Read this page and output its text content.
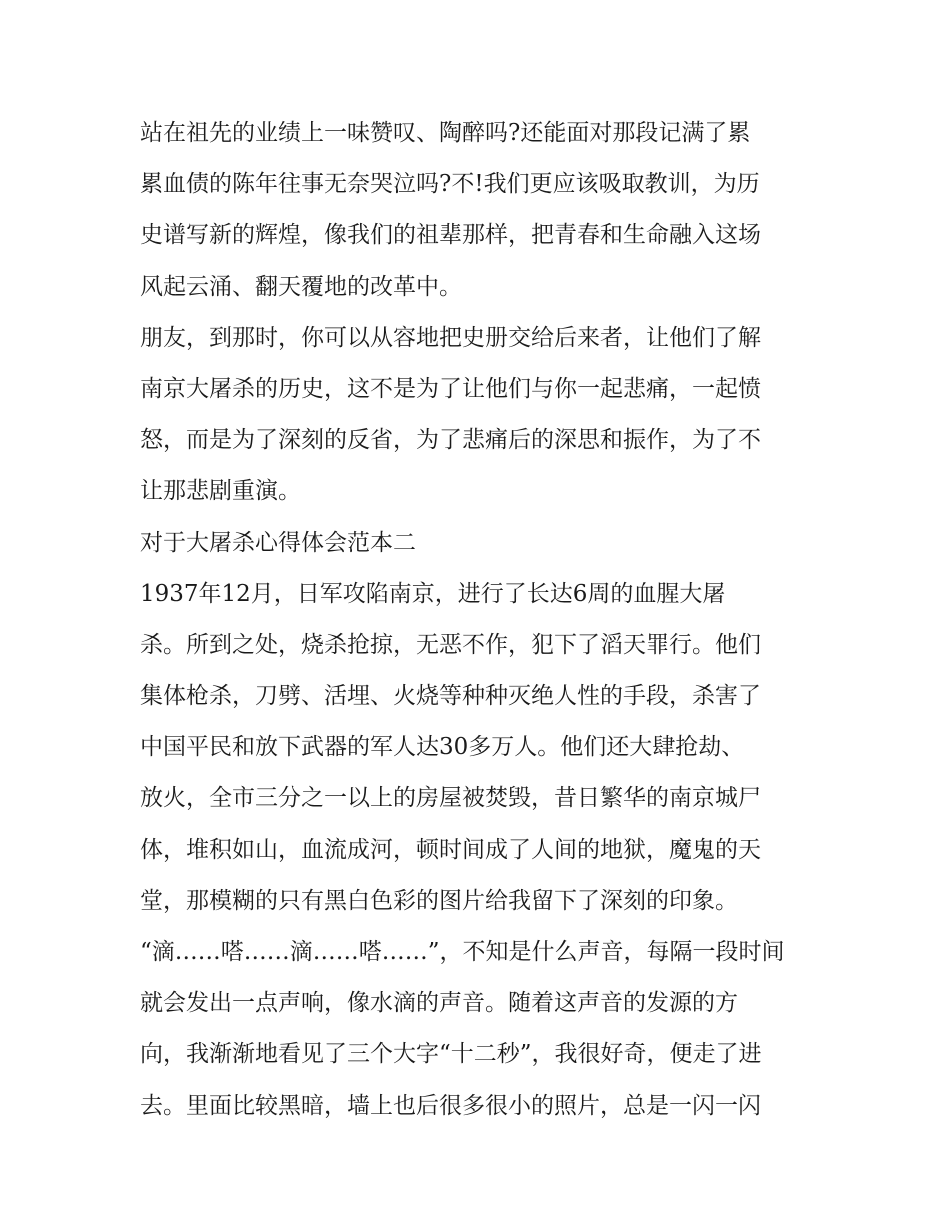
站在祖先的业绩上一味赞叹、陶醉吗?还能面对那段记满了累
累血债的陈年往事无奈哭泣吗?不!我们更应该吸取教训，为历
史谱写新的辉煌，像我们的祖辈那样，把青春和生命融入这场
风起云涌、翻天覆地的改革中。
朋友，到那时，你可以从容地把史册交给后来者，让他们了解
南京大屠杀的历史，这不是为了让他们与你一起悲痛，一起愤
怒，而是为了深刻的反省，为了悲痛后的深思和振作，为了不
让那悲剧重演。
对于大屠杀心得体会范本二
1937年12月，日军攻陷南京，进行了长达6周的血腥大屠
杀。所到之处，烧杀抢掠，无恶不作，犯下了滔天罪行。他们
集体枪杀，刀劈、活埋、火烧等种种灭绝人性的手段，杀害了
中国平民和放下武器的军人达30多万人。他们还大肆抢劫、
放火，全市三分之一以上的房屋被焚毁，昔日繁华的南京城尸
体，堆积如山，血流成河，顿时间成了人间的地狱，魔鬼的天
堂，那模糊的只有黑白色彩的图片给我留下了深刻的印象。
“滴……嗒……滴……嗒……”，不知是什么声音，每隔一段时间
就会发出一点声响，像水滴的声音。随着这声音的发源的方
向，我渐渐地看见了三个大字“十二秒”，我很好奇，便走了进
去。里面比较黑暗，墙上也后很多很小的照片，总是一闪一闪
